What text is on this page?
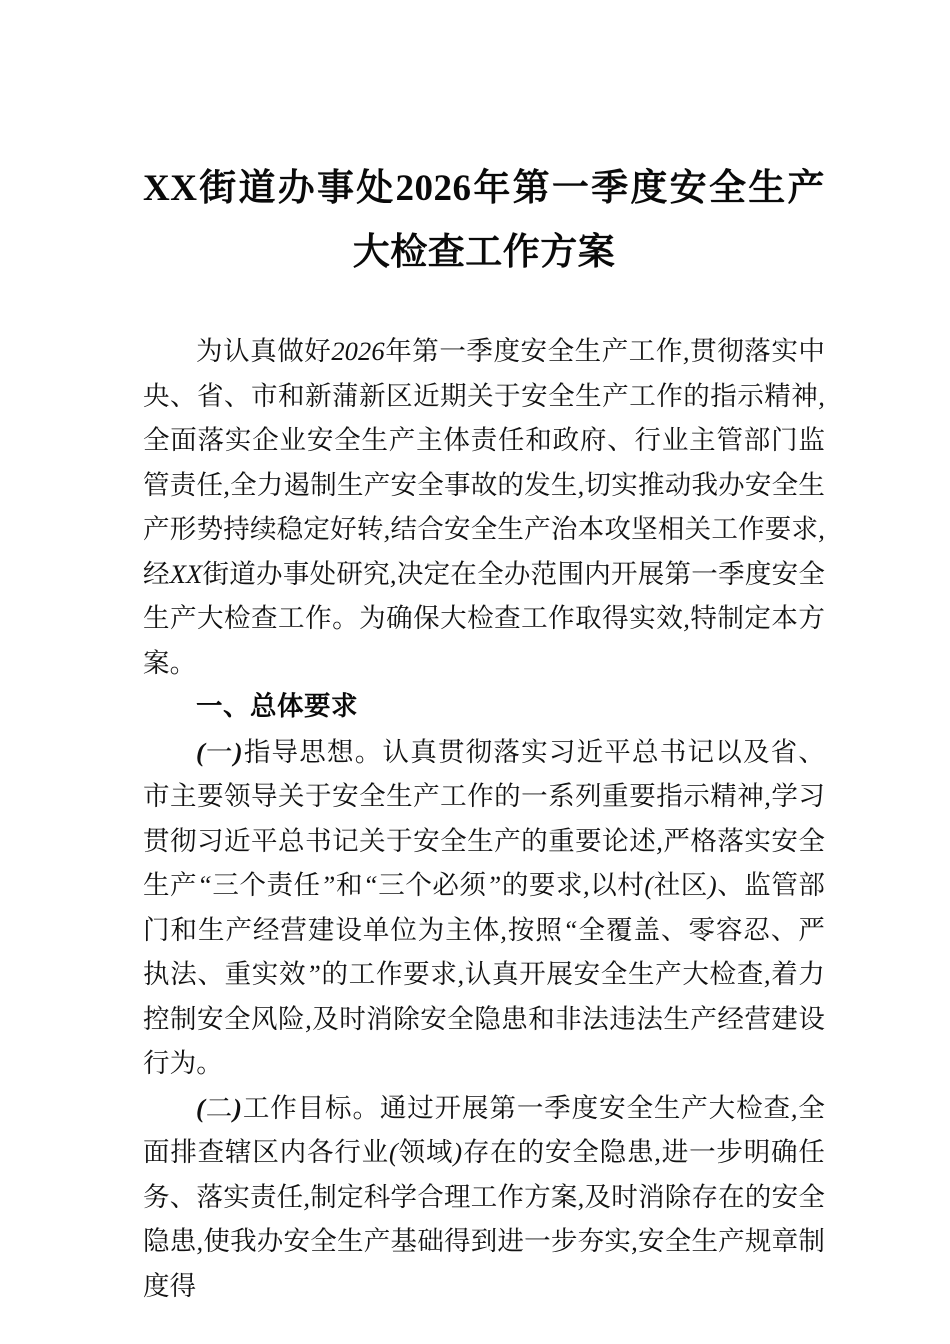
XX街道办事处2026年第一季度安全生产
大检查工作方案

为认真做好2026年第一季度安全生产工作,贯彻落实中央、省、市和新蒲新区近期关于安全生产工作的指示精神,全面落实企业安全生产主体责任和政府、行业主管部门监管责任,全力遏制生产安全事故的发生,切实推动我办安全生产形势持续稳定好转,结合安全生产治本攻坚相关工作要求,经XX街道办事处研究,决定在全办范围内开展第一季度安全生产大检查工作。为确保大检查工作取得实效,特制定本方案。

一、总体要求

(一)指导思想。认真贯彻落实习近平总书记以及省、市主要领导关于安全生产工作的一系列重要指示精神,学习贯彻习近平总书记关于安全生产的重要论述,严格落实安全生产“三个责任”和“三个必须”的要求,以村(社区)、监管部门和生产经营建设单位为主体,按照“全覆盖、零容忍、严执法、重实效”的工作要求,认真开展安全生产大检查,着力控制安全风险,及时消除安全隐患和非法违法生产经营建设行为。

(二)工作目标。通过开展第一季度安全生产大检查,全面排查辖区内各行业(领域)存在的安全隐患,进一步明确任务、落实责任,制定科学合理工作方案,及时消除存在的安全隐患,使我办安全生产基础得到进一步夯实,安全生产规章制度得
